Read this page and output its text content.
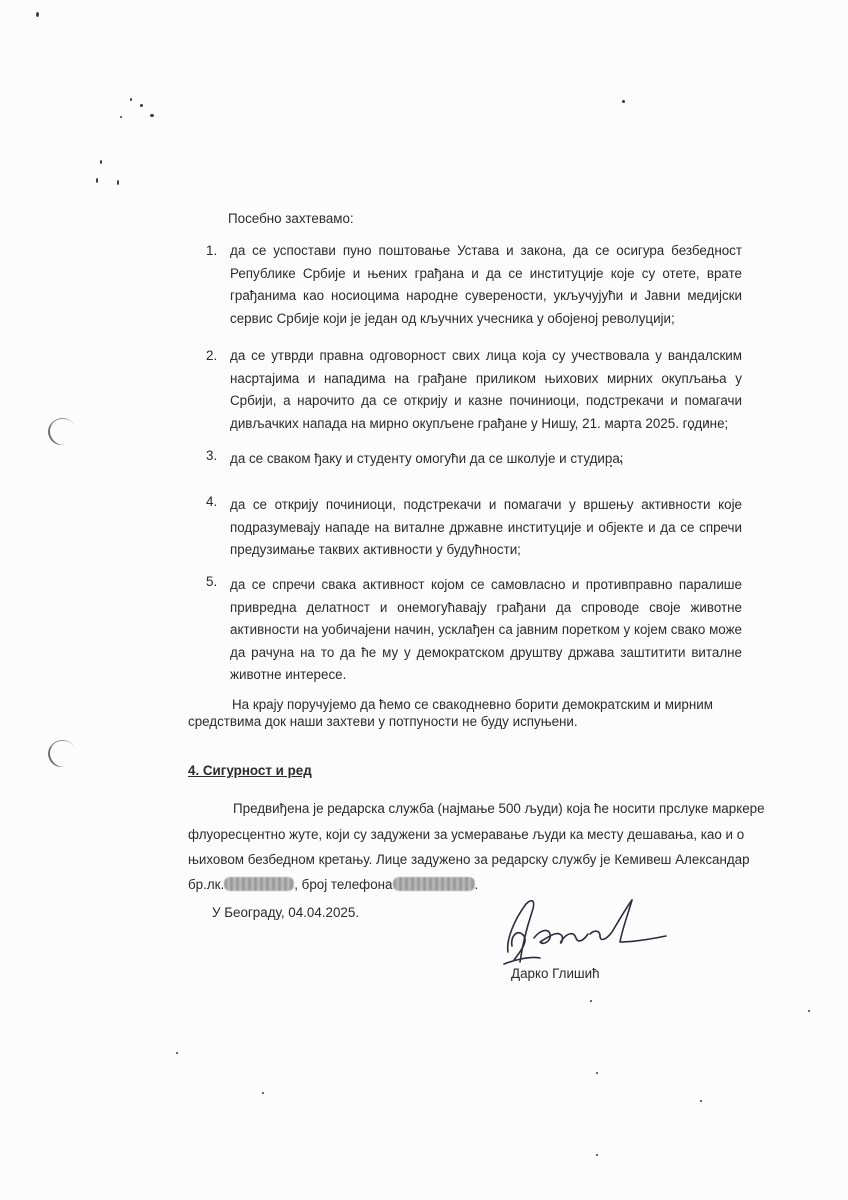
Посебно захтевамо:
1. да се успостави пуно поштовање Устава и закона, да се осигура безбедност Републике Србије и њених грађана и да се институције које су отете, врате грађанима као носиоцима народне суверености, укључујући и Јавни медијски сервис Србије који је један од кључних учесника у обојеној револуцији;
2. да се утврди правна одговорност свих лица која су учествовала у вандалским насртајима и нападима на грађане приликом њихових мирних окупљања у Србији, а нарочито да се открију и казне починиоци, подстрекачи и помагачи дивљачких напада на мирно окупљене грађане у Нишу, 21. марта 2025. године;
3. да се сваком ђаку и студенту омогући да се школује и студира;
4. да се открију починиоци, подстрекачи и помагачи у вршењу активности које подразумевају нападе на виталне државне институције и објекте и да се спречи предузимање таквих активности у будућности;
5. да се спречи свака активност којом се самовласно и противправно паралише привредна делатност и онемогућавају грађани да спроводе своје животне активности на уобичајени начин, усклађен са јавним поретком у којем свако може да рачуна на то да ће му у демократском друштву држава заштитити виталне животне интересе.
На крају поручујемо да ћемо се свакодневно борити демократским и мирним
средствима док наши захтеви у потпуности не буду испуњени.
4. Сигурност и ред
Предвиђена је редарска служба (најмање 500 људи) која ће носити прслуке маркере
флуоресцентно жуте, који су задужени за усмеравање људи ка месту дешавања, као и о
њиховом безбедном кретању. Лице задужено за редарску службу је Кемивеш Александар
бр.лк.	, број телефона	.
У Београду, 04.04.2025.
Дарко Глишић
